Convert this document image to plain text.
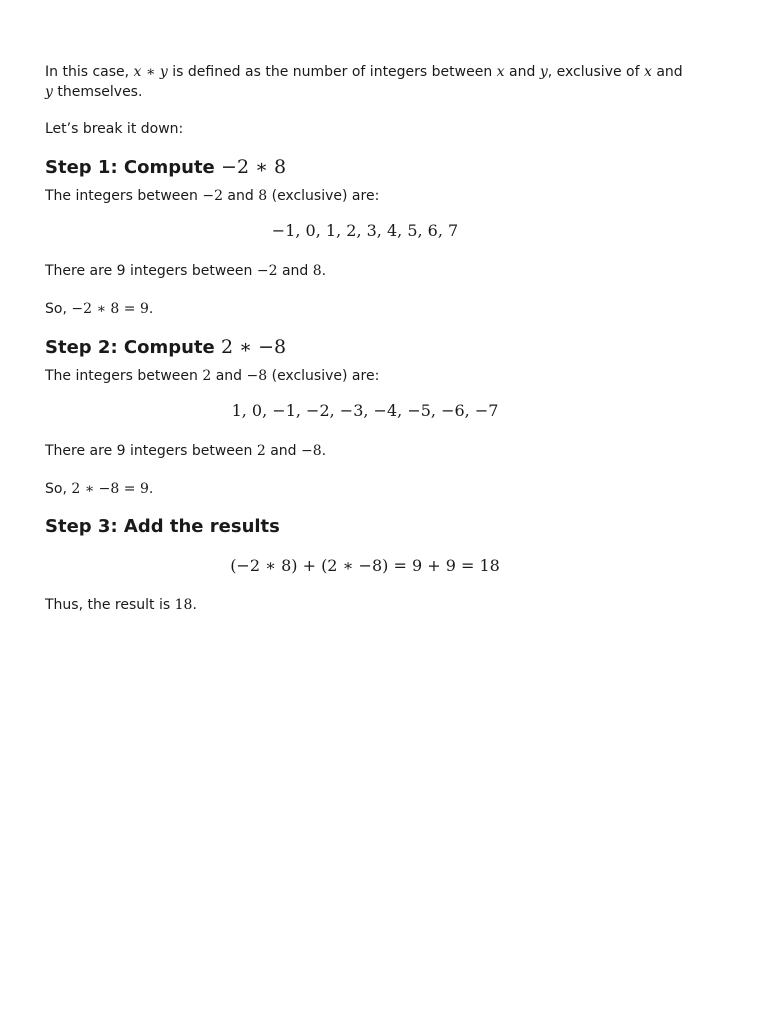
In this case, x ∗ y is defined as the number of integers between x and y, exclusive of x and y themselves.

Let’s break it down:

Step 1: Compute −2 ∗ 8

The integers between −2 and 8 (exclusive) are:

−1, 0, 1, 2, 3, 4, 5, 6, 7

There are 9 integers between −2 and 8.

So, −2 ∗ 8 = 9.

Step 2: Compute 2 ∗ −8

The integers between 2 and −8 (exclusive) are:

1, 0, −1, −2, −3, −4, −5, −6, −7

There are 9 integers between 2 and −8.

So, 2 ∗ −8 = 9.

Step 3: Add the results
(−2 ∗ 8) + (2 ∗ −8) = 9 + 9 = 18

Thus, the result is 18.
